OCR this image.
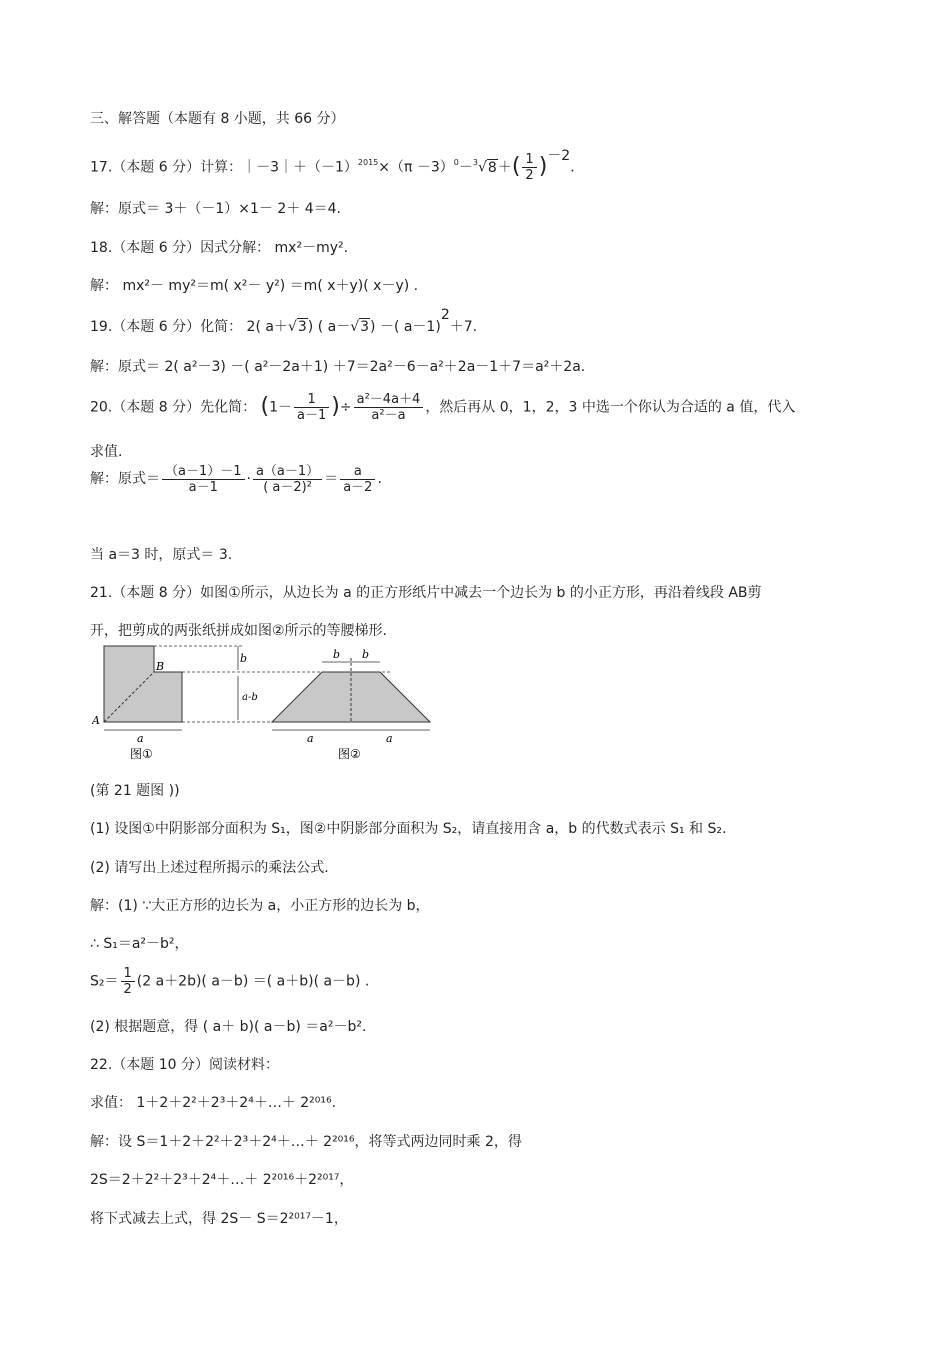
三、解答题（本题有 8 小题，共 66 分）
17.（本题 6 分）计算：$|-3|+(-1)^{2015}\times(\pi -3)^0-^3√8+( \frac{1}{2} )-2$．
解：原式＝ 3＋（－1）×1－ 2＋ 4＝4.
18.（本题 6 分）因式分解： mx²－my².
解： mx²－ my²＝m( x²－ y²) ＝m( x＋y)( x－y) .
19.（本题 6 分）化简： 2( a＋√3) ( a－√3) －( a－1)2＋7.
解：原式＝ 2( a²－3) －( a²－2a＋1) ＋7＝2a²－6－a²＋2a－1＋7＝a²＋2a.
20.（本题 8 分）先化简： ($1- \frac{1}{a-1}$ )÷ $\frac{\text{a²－4a＋4}}{\text{a²－a}}$ ，然后再从 0，1，2，3 中选一个你认为合适的 a 值，代入
求值.
解：原式＝ $\frac{(a-1)-1}{a-1} \cdot \frac{a(a-1)}{\text{( a－2)²}} = \frac{a}{a-2}$ .
当 a＝3 时，原式＝ 3.
21.（本题 8 分）如图①所示，从边长为 a 的正方形纸片中减去一个边长为 b 的小正方形，再沿着线段 AB剪
开，把剪成的两张纸拼成如图②所示的等腰梯形.
b
a-b
A
B
a
图①
b b
a	a
图②
(第 21 题图 ))
(1) 设图①中阴影部分面积为 S₁，图②中阴影部分面积为 S₂，请直接用含 a，b 的代数式表示 S₁ 和 S₂.
(2) 请写出上述过程所揭示的乘法公式.
解：(1) ∵大正方形的边长为 a，小正方形的边长为 b，
∴ S₁＝a²－b²，
$S_2= \frac{1}{2} (2$ a＋2b)( a－b) ＝( a＋b)( a－b) .
(2) 根据题意，得 ( a＋ b)( a－b) ＝a²－b².
22.（本题 10 分）阅读材料：
求值： 1＋2＋2²＋2³＋2⁴＋…＋ 2²⁰¹⁶.
解：设 S＝1＋2＋2²＋2³＋2⁴＋…＋ 2²⁰¹⁶，将等式两边同时乘 2，得
2S＝2＋2²＋2³＋2⁴＋…＋ 2²⁰¹⁶＋2²⁰¹⁷，
将下式减去上式，得 2S－ S＝2²⁰¹⁷－1，
